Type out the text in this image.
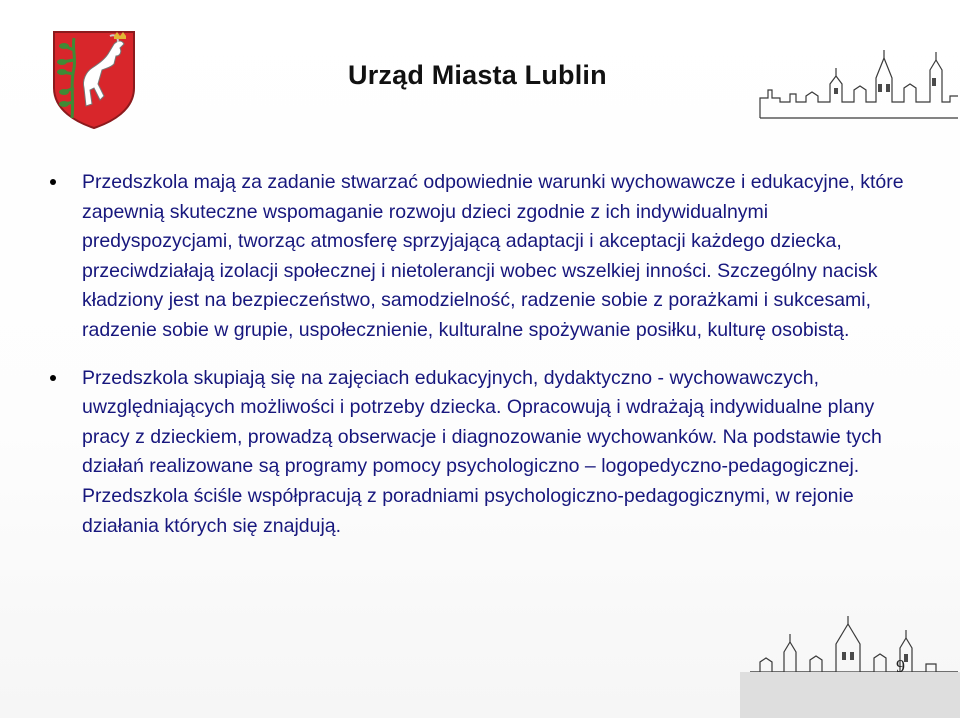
Urząd Miasta Lublin
Przedszkola mają za zadanie stwarzać odpowiednie warunki wychowawcze i edukacyjne, które zapewnią skuteczne wspomaganie rozwoju dzieci zgodnie z ich indywidualnymi predyspozycjami, tworząc atmosferę sprzyjającą adaptacji i akceptacji każdego dziecka, przeciwdziałają izolacji społecznej i nietolerancji wobec wszelkiej inności. Szczególny nacisk kładziony jest na bezpieczeństwo, samodzielność, radzenie sobie z porażkami i sukcesami, radzenie sobie w grupie, uspołecznienie, kulturalne spożywanie posiłku, kulturę osobistą.
Przedszkola skupiają się na zajęciach edukacyjnych, dydaktyczno - wychowawczych, uwzględniających możliwości i potrzeby dziecka. Opracowują i wdrażają indywidualne plany pracy z dzieckiem, prowadzą obserwacje i diagnozowanie wychowanków. Na podstawie tych działań realizowane są programy pomocy psychologiczno – logopedyczno-pedagogicznej. Przedszkola ściśle współpracują z poradniami psychologiczno-pedagogicznymi, w rejonie działania których się znajdują.
9
